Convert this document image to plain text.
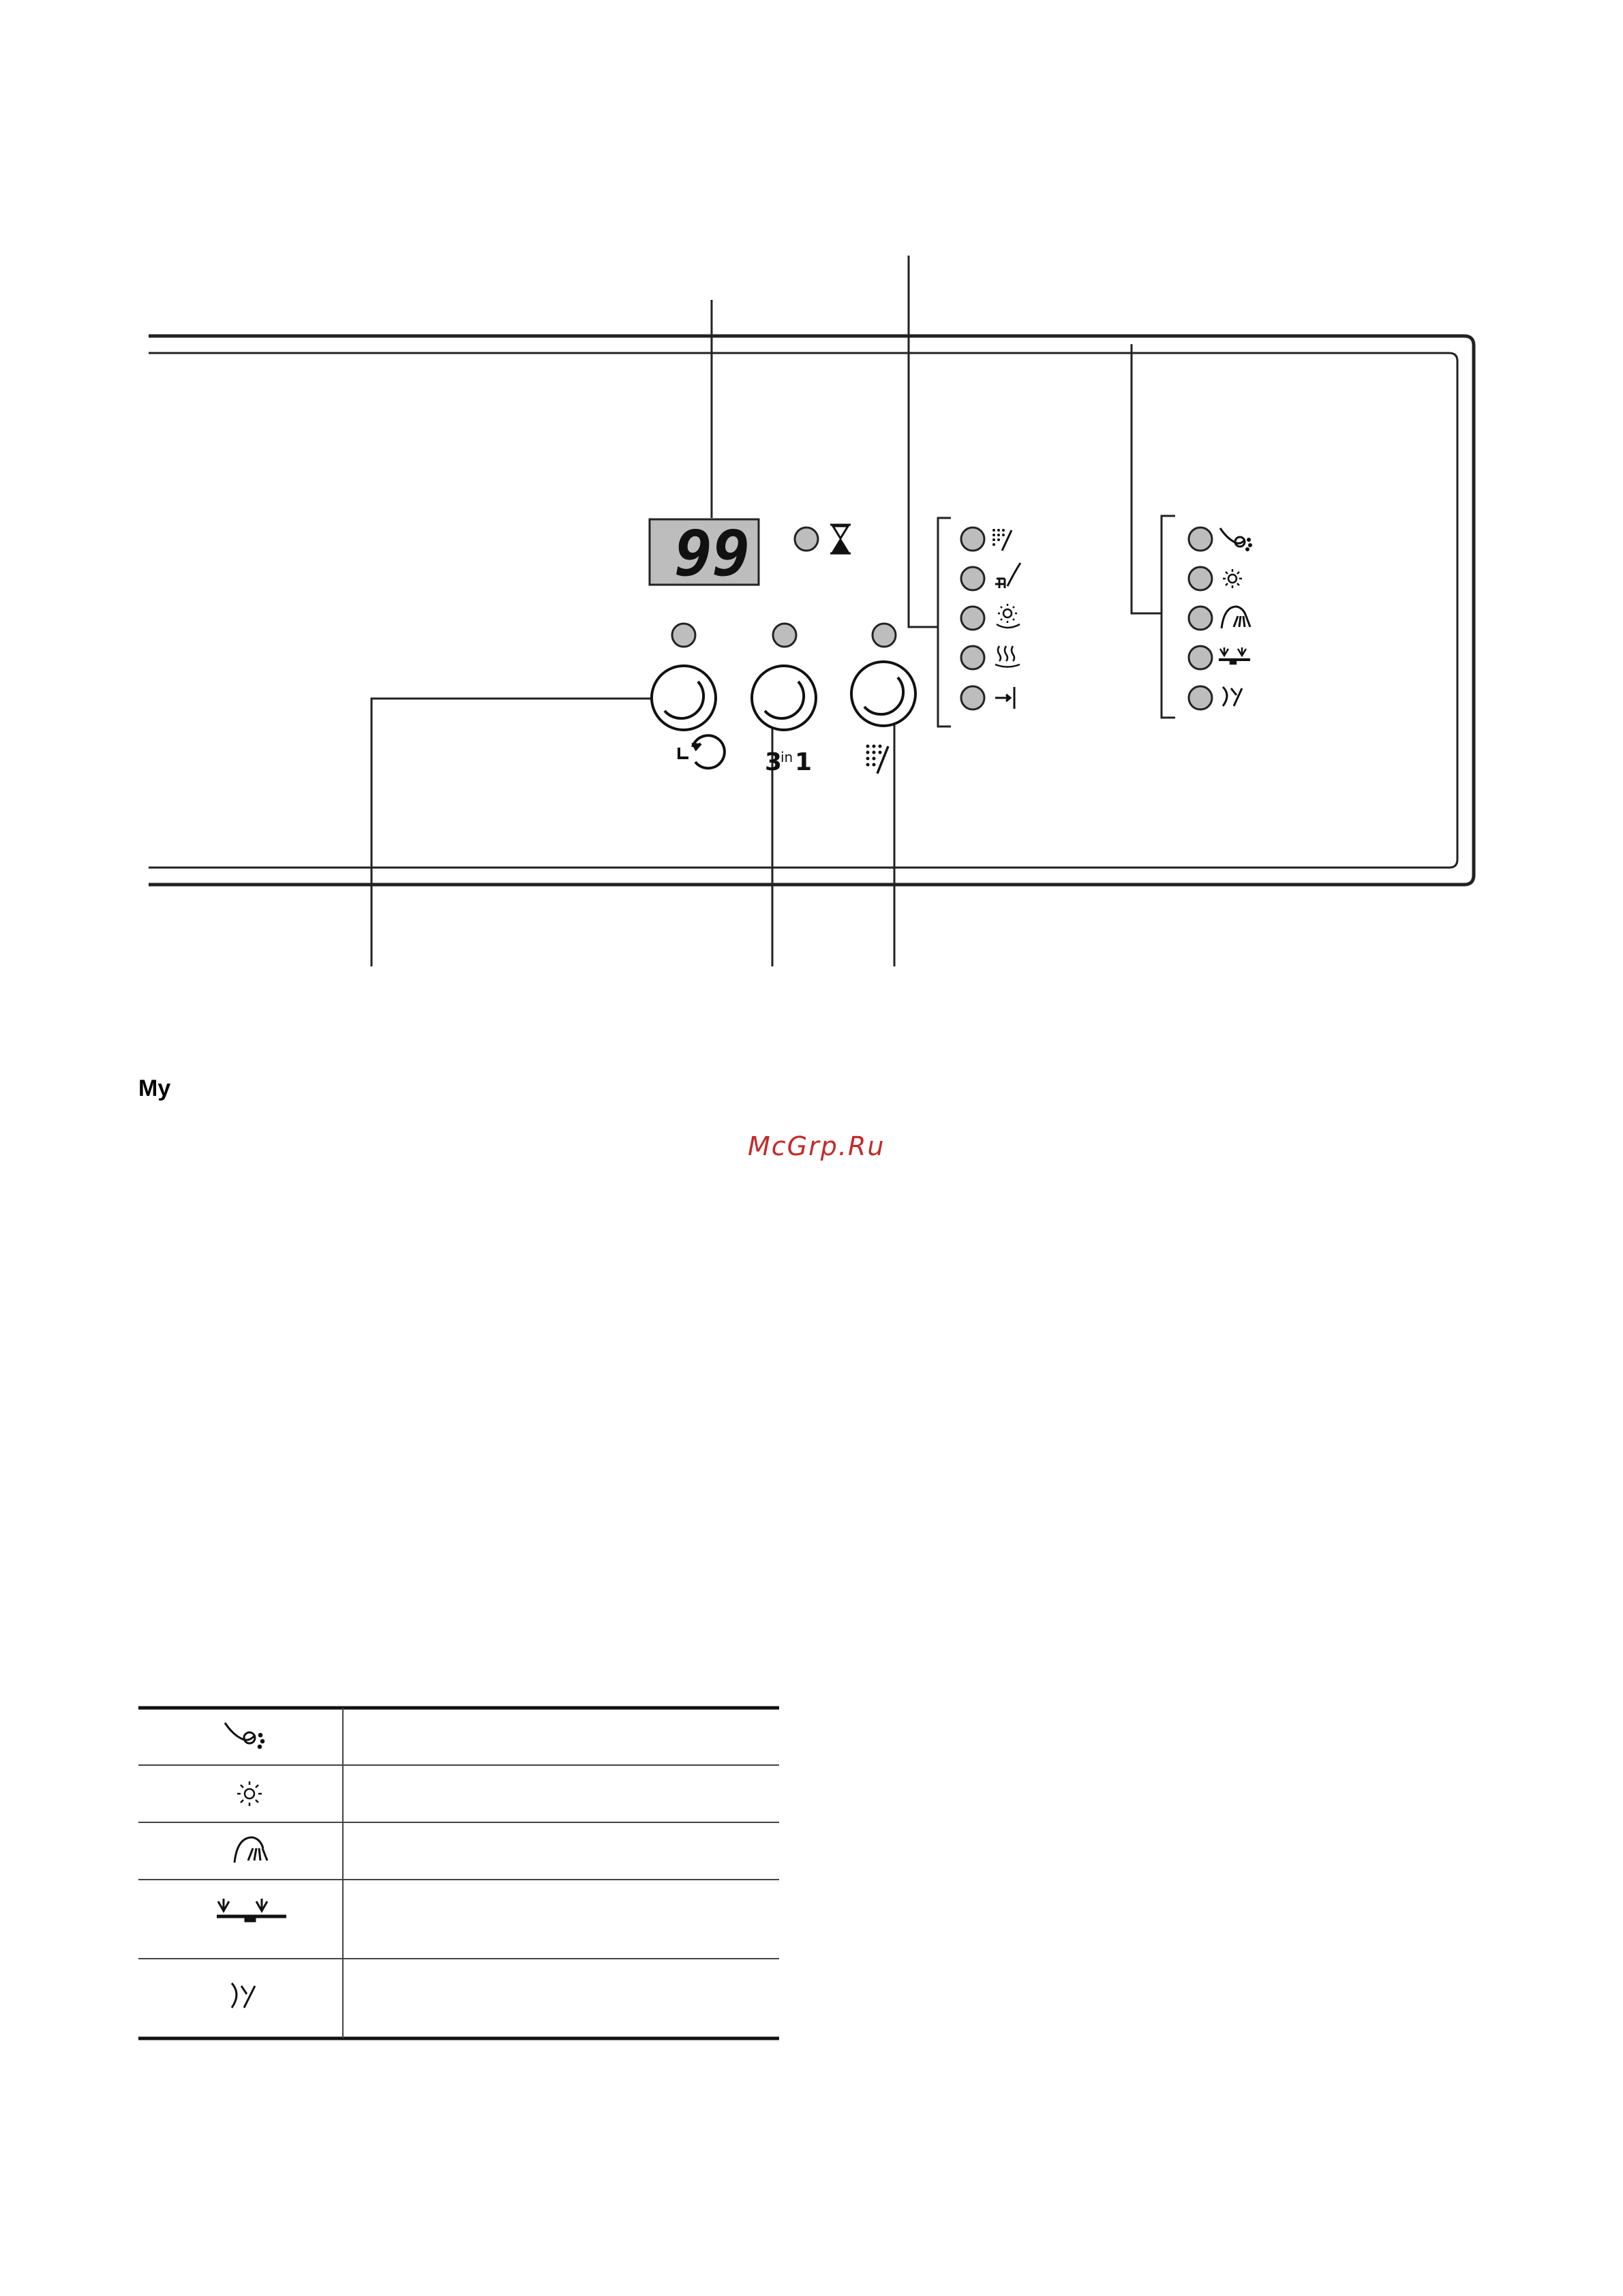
99
3
in 1
My
McGrp.Ru
